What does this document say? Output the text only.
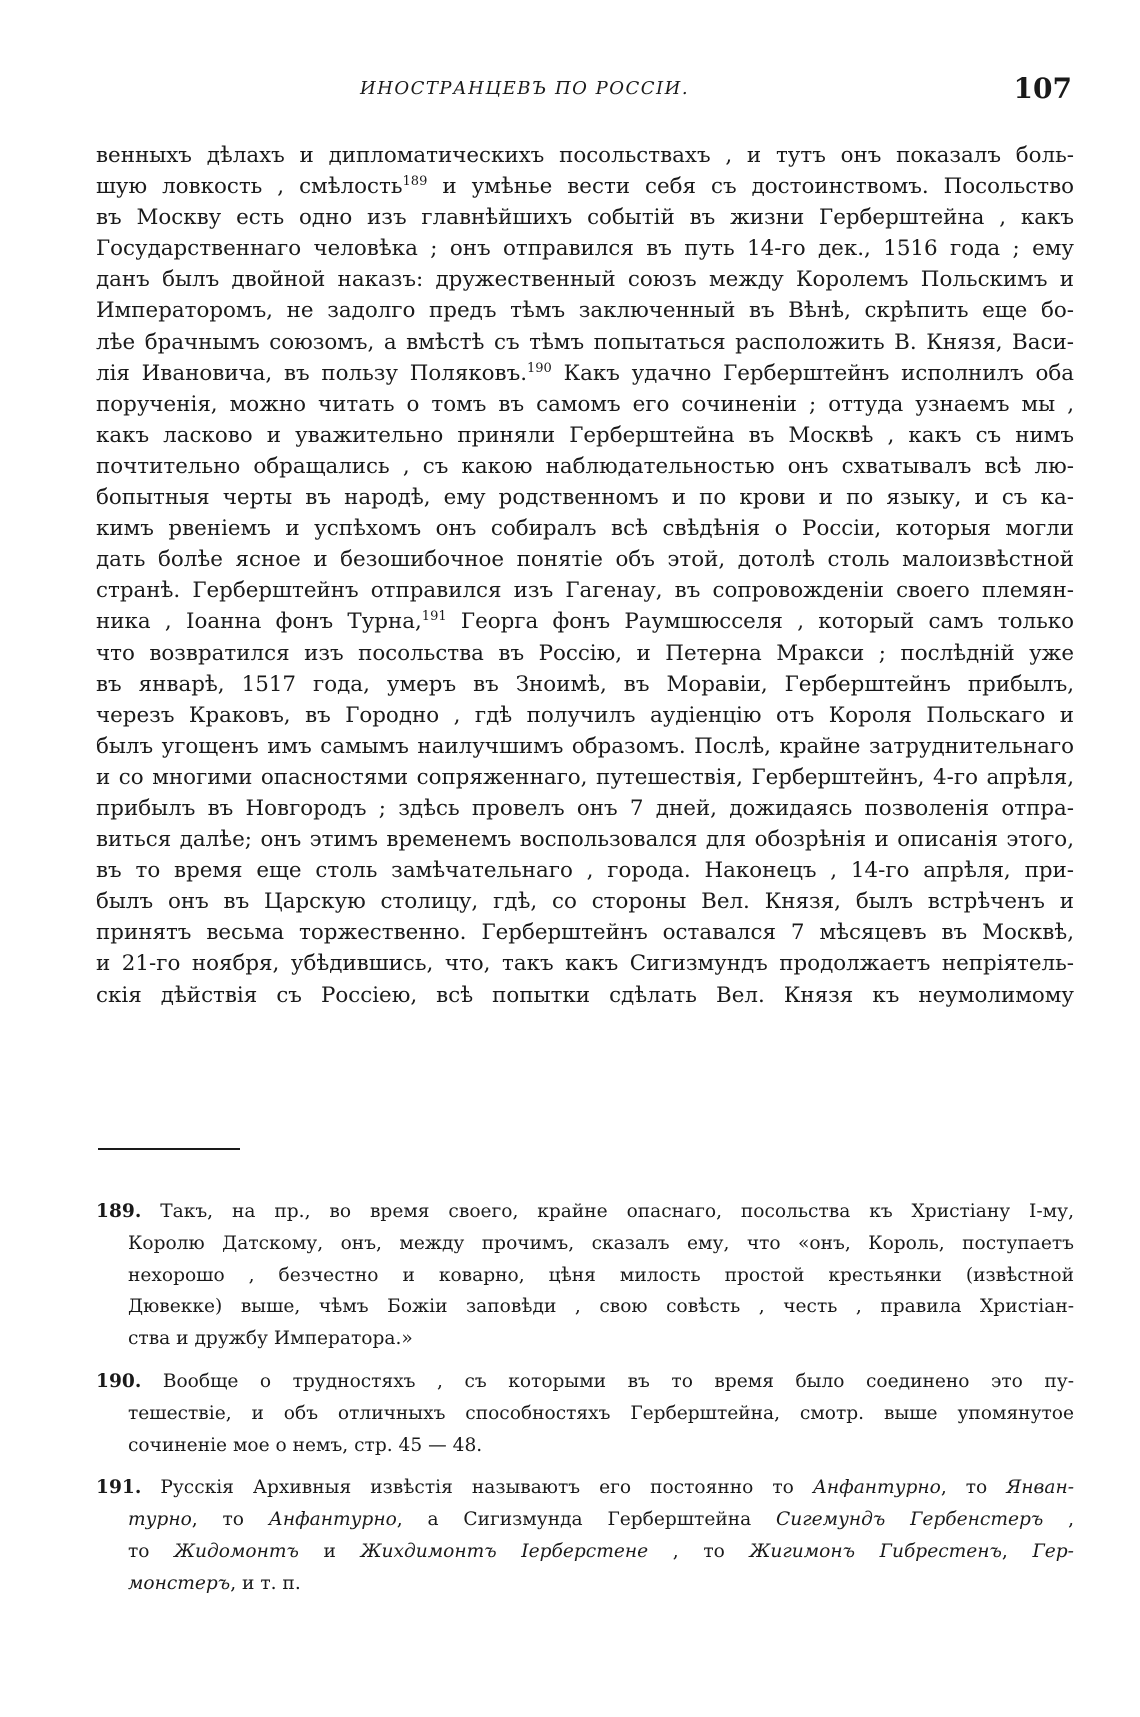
ИНОСТРАНЦЕВЪ ПО РОССІИ.	107
венныхъ дѣлахъ и дипломатическихъ посольствахъ , и тутъ онъ показалъ боль-
шую ловкость , смѣлость$^{189}$ и умѣнье вести себя съ достоинствомъ. Посольство
въ Москву есть одно изъ главнѣйшихъ событій въ жизни Герберштейна , какъ
Государственнаго человѣка ; онъ отправился въ путь 14-го дек., 1516 года ; ему
данъ былъ двойной наказъ: дружественный союзъ между Королемъ Польскимъ и
Императоромъ, не задолго предъ тѣмъ заключенный въ Вѣнѣ, скрѣпить еще бо-
лѣе брачнымъ союзомъ, а вмѣстѣ съ тѣмъ попытаться расположить В. Князя, Васи-
лія Ивановича, въ пользу Поляковъ.$^{190}$ Какъ удачно Герберштейнъ исполнилъ оба
порученія, можно читать о томъ въ самомъ его сочиненіи ; оттуда узнаемъ мы ,
какъ ласково и уважительно приняли Герберштейна въ Москвѣ , какъ съ нимъ
почтительно обращались , съ какою наблюдательностью онъ схватывалъ всѣ лю-
бопытныя черты въ народѣ, ему родственномъ и по крови и по языку, и съ ка-
кимъ рвеніемъ и успѣхомъ онъ собиралъ всѣ свѣдѣнія о Россіи, которыя могли
дать болѣе ясное и безошибочное понятіе объ этой, дотолѣ столь малоизвѣстной
странѣ. Герберштейнъ отправился изъ Гагенау, въ сопровожденіи своего племян-
ника , Іоанна фонъ Турна,$^{191}$ Георга фонъ Раумшюсселя , который самъ только
что возвратился изъ посольства въ Россію, и Петерна Мракси ; послѣдній уже
въ январѣ, 1517 года, умеръ въ Зноимѣ, въ Моравіи, Герберштейнъ прибылъ,
черезъ Краковъ, въ Городно , гдѣ получилъ аудіенцію отъ Короля Польскаго и
былъ угощенъ имъ самымъ наилучшимъ образомъ. Послѣ, крайне затруднительнаго
и со многими опасностями сопряженнаго, путешествія, Герберштейнъ, 4-го апрѣля,
прибылъ въ Новгородъ ; здѣсь провелъ онъ 7 дней, дожидаясь позволенія отпра-
виться далѣе; онъ этимъ временемъ воспользовался для обозрѣнія и описанія этого,
въ то время еще столь замѣчательнаго , города. Наконецъ , 14-го апрѣля, при-
былъ онъ въ Царскую столицу, гдѣ, со стороны Вел. Князя, былъ встрѣченъ и
принятъ весьма торжественно. Герберштейнъ оставался 7 мѣсяцевъ въ Москвѣ,
и 21-го ноября, убѣдившись, что, такъ какъ Сигизмундъ продолжаетъ непріятель-
скія дѣйствія съ Россіею, всѣ попытки сдѣлать Вел. Князя къ неумолимому
189. Такъ, на пр., во время своего, крайне опаснаго, посольства къ Христіану I-му,
Королю Датскому, онъ, между прочимъ, сказалъ ему, что «онъ, Король, поступаетъ
нехорошо , безчестно и коварно, цѣня милость простой крестьянки (извѣстной
Дювекке) выше, чѣмъ Божіи заповѣди , свою совѣсть , честь , правила Христіан-
ства и дружбу Императора.»
190. Вообще о трудностяхъ , съ которыми въ то время было соединено это пу-
тешествіе, и объ отличныхъ способностяхъ Герберштейна, смотр. выше упомянутое
сочиненіе мое о немъ, стр. 45 — 48.
191. Русскія Архивныя извѣстія называютъ его постоянно то Анфантурно, то Янван-
турно, то Анфантурно, а Сигизмунда Герберштейна Сигемундъ Гербенстеръ ,
то Жидомонтъ и Жихдимонтъ Іерберстене , то Жигимонъ Гибрестенъ, Гер-
монстеръ, и т. п.
